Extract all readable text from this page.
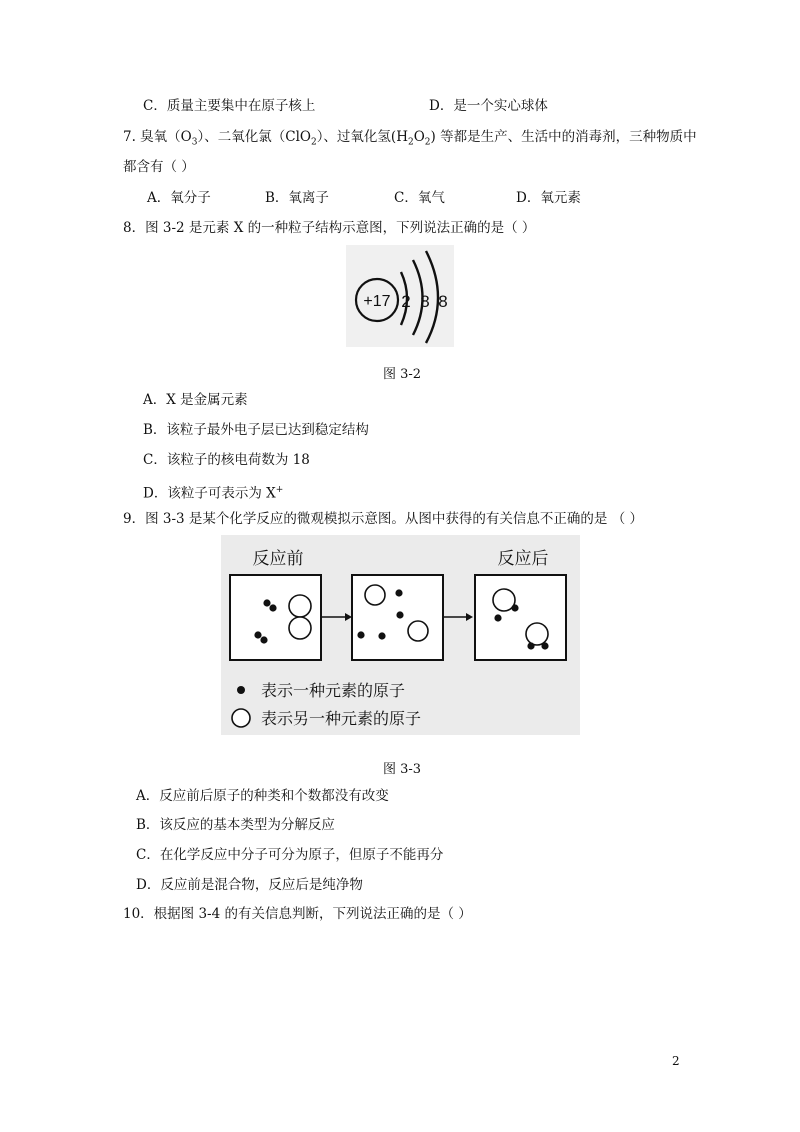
C．质量主要集中在原子核上	D．是一个实心球体
7. 臭氧$(O_3)$、二氧化氯（ClO$_2$）、过氧化氢$(H_2O_2)$ 等都是生产、生活中的消毒剂，三种物质中
都含有（ ）
A．氧分子	B．氧离子	C．氧气	D．氧元素
8．图 3-2 是元素 X 的一种粒子结构示意图，下列说法正确的是（ ）
+17 2 8 8
图 3-2
A．X 是金属元素
B．该粒子最外电子层已达到稳定结构
C．该粒子的核电荷数为 18
D．该粒子可表示为 X+
9．图 3-3 是某个化学反应的微观模拟示意图。从图中获得的有关信息不正确的是 （ ）
反应前	反应后
表示一种元素的原子
表示另一种元素的原子
图 3-3
A．反应前后原子的种类和个数都没有改变
B．该反应的基本类型为分解反应
C．在化学反应中分子可分为原子，但原子不能再分
D．反应前是混合物，反应后是纯净物
10．根据图 3-4 的有关信息判断，下列说法正确的是（ ）
2
